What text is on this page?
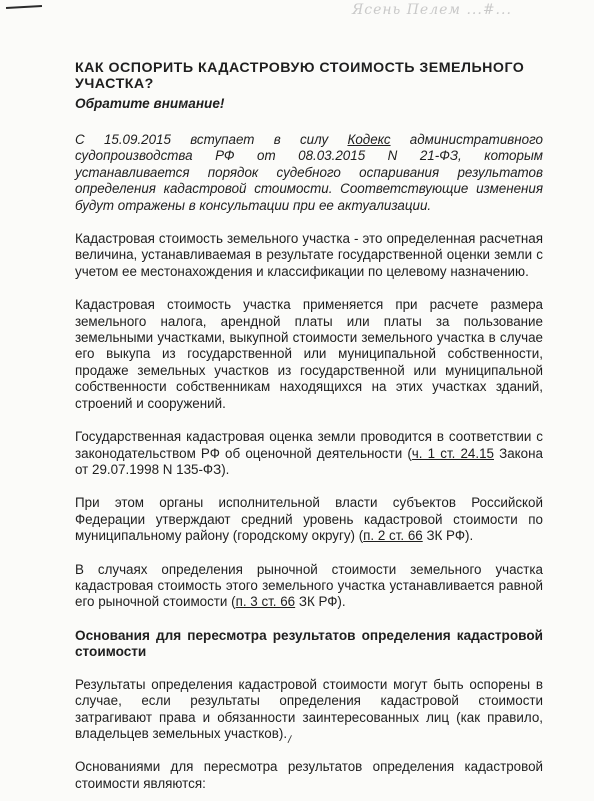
Ясень Пелем ...#...
КАК ОСПОРИТЬ КАДАСТРОВУЮ СТОИМОСТЬ ЗЕМЕЛЬНОГО УЧАСТКА?
Обратите внимание!

С 15.09.2015 вступает в силу Кодекс административного судопроизводства РФ от 08.03.2015 N 21-ФЗ, которым устанавливается порядок судебного оспаривания результатов определения кадастровой стоимости. Соответствующие изменения будут отражены в консультации при ее актуализации.

Кадастровая стоимость земельного участка - это определенная расчетная величина, устанавливаемая в результате государственной оценки земли с учетом ее местонахождения и классификации по целевому назначению.

Кадастровая стоимость участка применяется при расчете размера земельного налога, арендной платы или платы за пользование земельными участками, выкупной стоимости земельного участка в случае его выкупа из государственной или муниципальной собственности, продаже земельных участков из государственной или муниципальной собственности собственникам находящихся на этих участках зданий, строений и сооружений.

Государственная кадастровая оценка земли проводится в соответствии с законодательством РФ об оценочной деятельности (ч. 1 ст. 24.15 Закона от 29.07.1998 N 135-ФЗ).

При этом органы исполнительной власти субъектов Российской Федерации утверждают средний уровень кадастровой стоимости по муниципальному району (городскому округу) (п. 2 ст. 66 ЗК РФ).

В случаях определения рыночной стоимости земельного участка кадастровая стоимость этого земельного участка устанавливается равной его рыночной стоимости (п. 3 ст. 66 ЗК РФ).

Основания для пересмотра результатов определения кадастровой стоимости

Результаты определения кадастровой стоимости могут быть оспорены в случае, если результаты определения кадастровой стоимости затрагивают права и обязанности заинтересованных лиц (как правило, владельцев земельных участков).

Основаниями для пересмотра результатов определения кадастровой стоимости являются:

/
